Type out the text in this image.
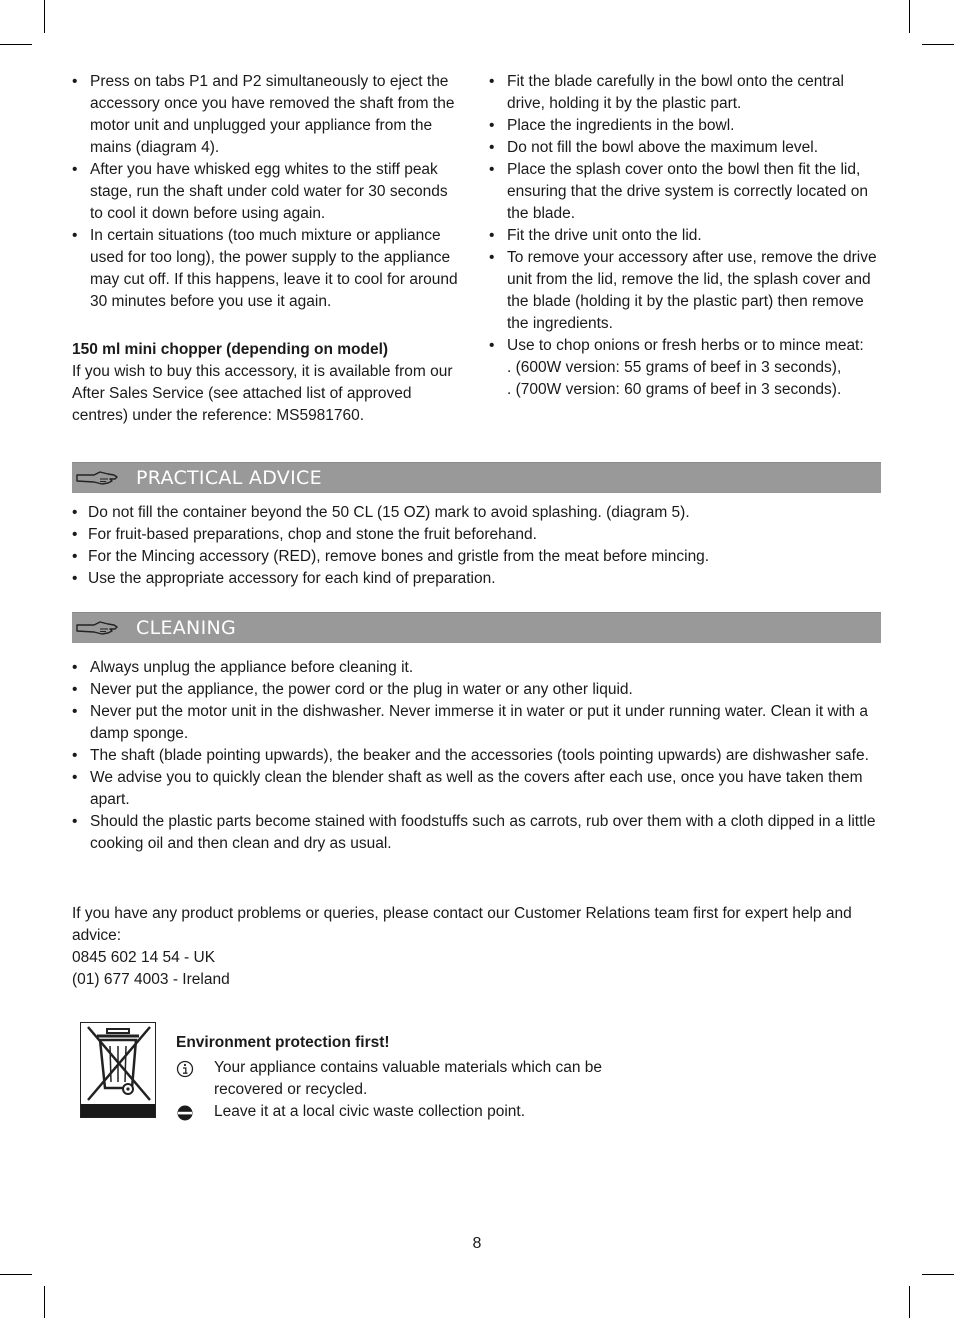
• Press on tabs P1 and P2 simultaneously to eject the accessory once you have removed the shaft from the motor unit and unplugged your appliance from the mains (diagram 4).
• After you have whisked egg whites to the stiff peak stage, run the shaft under cold water for 30 seconds to cool it down before using again.
• In certain situations (too much mixture or appliance used for too long), the power supply to the appliance may cut off. If this happens, leave it to cool for around 30 minutes before you use it again.
150 ml mini chopper (depending on model)
If you wish to buy this accessory, it is available from our After Sales Service (see attached list of approved centres) under the reference: MS5981760.
• Fit the blade carefully in the bowl onto the central drive, holding it by the plastic part.
• Place the ingredients in the bowl.
• Do not fill the bowl above the maximum level.
• Place the splash cover onto the bowl then fit the lid, ensuring that the drive system is correctly located on the blade.
• Fit the drive unit onto the lid.
• To remove your accessory after use, remove the drive unit from the lid, remove the lid, the splash cover and the blade (holding it by the plastic part) then remove the ingredients.
• Use to chop onions or fresh herbs or to mince meat:
. (600W version: 55 grams of beef in 3 seconds),
. (700W version: 60 grams of beef in 3 seconds).
PRACTICAL ADVICE
• Do not fill the container beyond the 50 CL (15 OZ) mark to avoid splashing. (diagram 5).
• For fruit-based preparations, chop and stone the fruit beforehand.
• For the Mincing accessory (RED), remove bones and gristle from the meat before mincing.
• Use the appropriate accessory for each kind of preparation.
CLEANING
• Always unplug the appliance before cleaning it.
• Never put the appliance, the power cord or the plug in water or any other liquid.
• Never put the motor unit in the dishwasher. Never immerse it in water or put it under running water. Clean it with a damp sponge.
• The shaft (blade pointing upwards), the beaker and the accessories (tools pointing upwards) are dishwasher safe.
• We advise you to quickly clean the blender shaft as well as the covers after each use, once you have taken them apart.
• Should the plastic parts become stained with foodstuffs such as carrots, rub over them with a cloth dipped in a little cooking oil and then clean and dry as usual.
If you have any product problems or queries, please contact our Customer Relations team first for expert help and advice:
0845 602 14 54 - UK
(01) 677 4003 - Ireland
Environment protection first!
Your appliance contains valuable materials which can be recovered or recycled.
Leave it at a local civic waste collection point.
8
